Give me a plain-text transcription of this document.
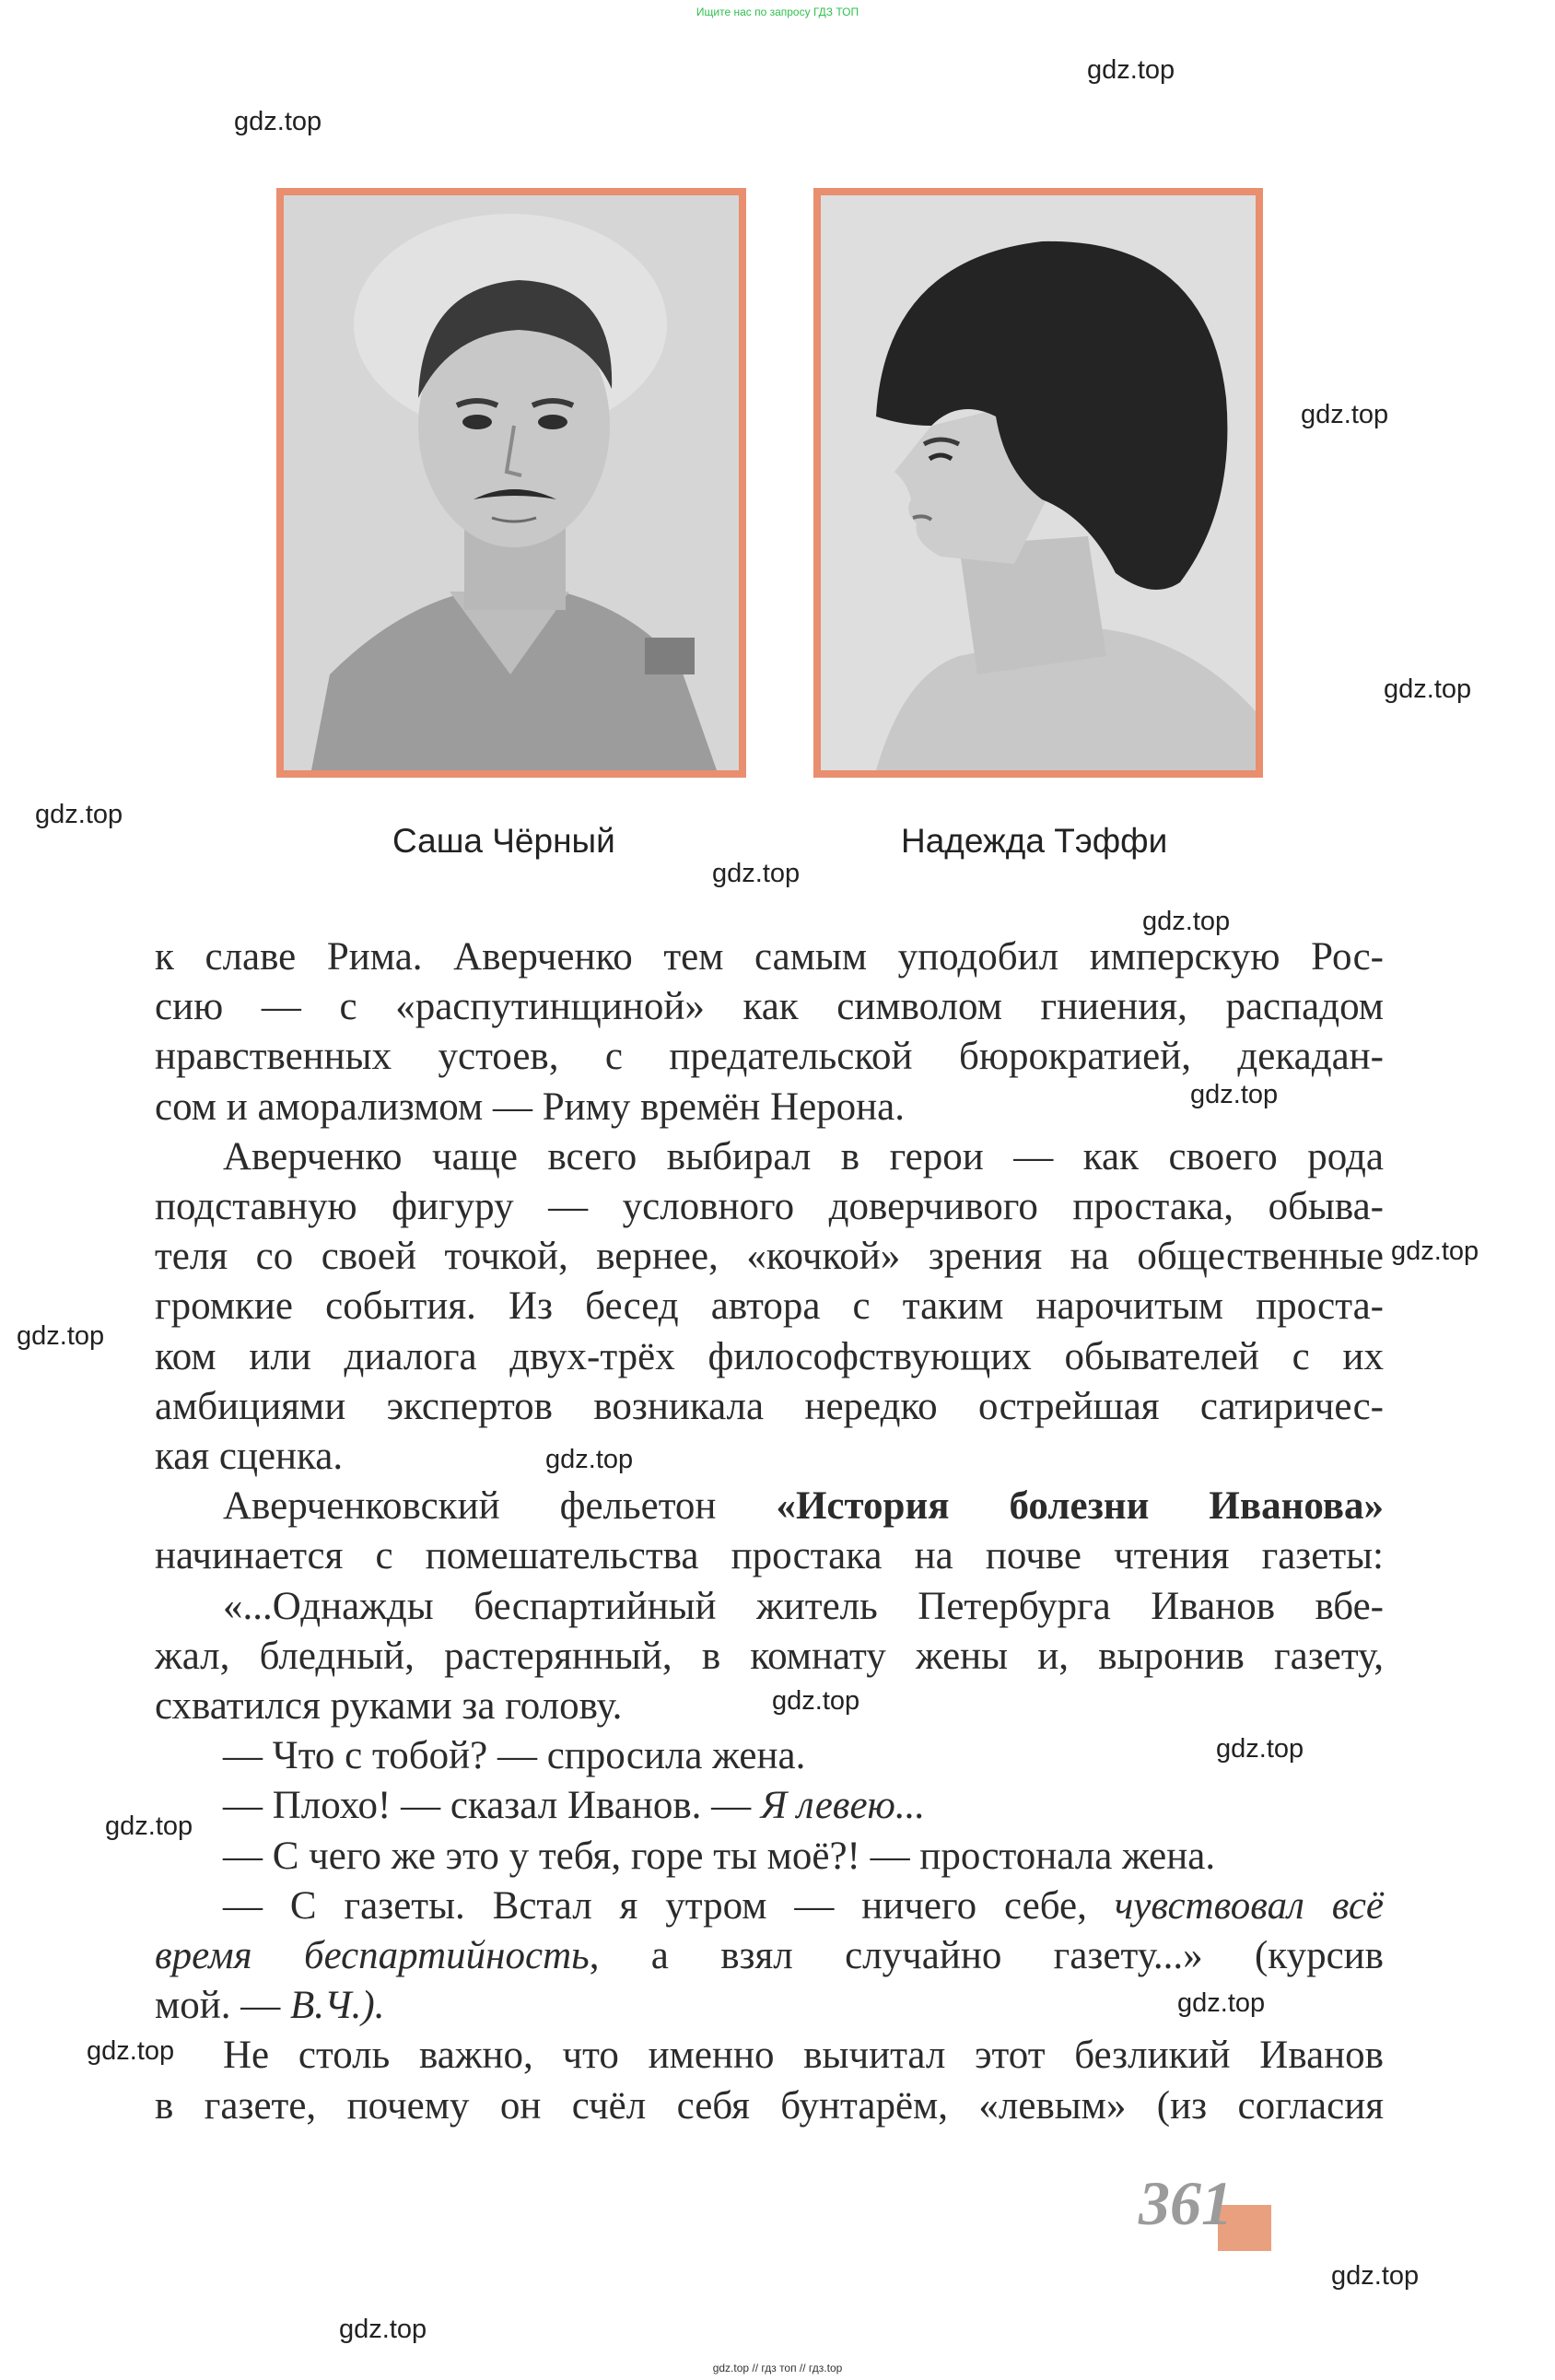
Ищите нас по запросу ГДЗ ТОП
gdz.top
gdz.top
gdz.top
gdz.top
gdz.top
gdz.top
gdz.top
gdz.top
gdz.top
gdz.top
gdz.top
gdz.top
gdz.top
gdz.top
gdz.top
gdz.top
gdz.top
gdz.top
Саша Чёрный	Надежда Тэффи

к славе Рима. Аверченко тем самым уподобил имперскую Рос-

сию — с «распутинщиной» как символом гниения, распадом

нравственных устоев, с предательской бюрократией, декадан-

сом и аморализмом — Риму времён Нерона.

Аверченко чаще всего выбирал в герои — как своего рода

подставную фигуру — условного доверчивого простака, обыва-

теля со своей точкой, вернее, «кочкой» зрения на общественные

громкие события. Из бесед автора с таким нарочитым проста-

ком или диалога двух-трёх философствующих обывателей с их

амбициями экспертов возникала нередко острейшая сатиричес-

кая сценка.

Аверченковский фельетон «История болезни Иванова»

начинается с помешательства простака на почве чтения газеты:

«...Однажды беспартийный житель Петербурга Иванов вбе-

жал, бледный, растерянный, в комнату жены и, выронив газету,

схватился руками за голову.

— Что с тобой? — спросила жена.

— Плохо! — сказал Иванов. — Я левею...

— С чего же это у тебя, горе ты моё?! — простонала жена.

— С газеты. Встал я утром — ничего себе, чувствовал всё

время беспартийность, а взял случайно газету...» (курсив

мой. — В.Ч.).

Не столь важно, что именно вычитал этот безликий Иванов

в газете, почему он счёл себя бунтарём, «левым» (из согласия

361
gdz.top // гдз топ // гдз.top
